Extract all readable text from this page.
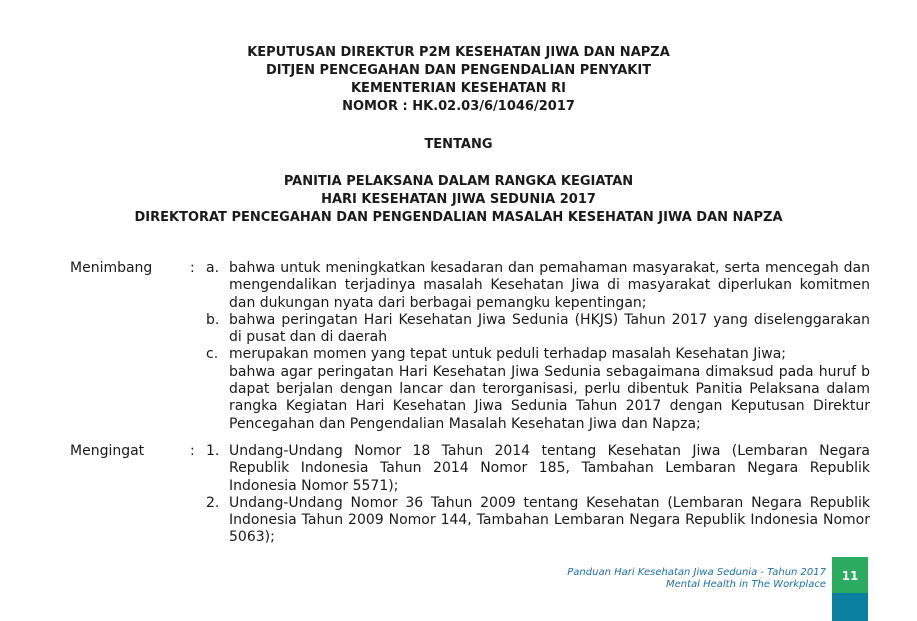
KEPUTUSAN DIREKTUR P2M KESEHATAN JIWA DAN NAPZA
DITJEN PENCEGAHAN DAN PENGENDALIAN PENYAKIT
KEMENTERIAN KESEHATAN RI
NOMOR : HK.02.03/6/1046/2017
TENTANG
PANITIA PELAKSANA DALAM RANGKA KEGIATAN
HARI KESEHATAN JIWA SEDUNIA 2017
DIREKTORAT PENCEGAHAN DAN PENGENDALIAN MASALAH KESEHATAN JIWA DAN NAPZA
Menimbang	: a. bahwa untuk meningkatkan kesadaran dan pemahaman masyarakat, serta mencegah dan mengendalikan terjadinya masalah Kesehatan Jiwa di masyarakat diperlukan komitmen dan dukungan nyata dari berbagai pemangku kepentingan;
b. bahwa peringatan Hari Kesehatan Jiwa Sedunia (HKJS) Tahun 2017 yang diselenggarakan di pusat dan di daerah
c. merupakan momen yang tepat untuk peduli terhadap masalah Kesehatan Jiwa;
bahwa agar peringatan Hari Kesehatan Jiwa Sedunia sebagaimana dimaksud pada huruf b dapat berjalan dengan lancar dan terorganisasi, perlu dibentuk Panitia Pelaksana dalam rangka Kegiatan Hari Kesehatan Jiwa Sedunia Tahun 2017 dengan Keputusan Direktur Pencegahan dan Pengendalian Masalah Kesehatan Jiwa dan Napza;
Mengingat	: 1. Undang-Undang Nomor 18 Tahun 2014 tentang Kesehatan Jiwa (Lembaran Negara Republik Indonesia Tahun 2014 Nomor 185, Tambahan Lembaran Negara Republik Indonesia Nomor 5571);
2. Undang-Undang Nomor 36 Tahun 2009 tentang Kesehatan (Lembaran Negara Republik Indonesia Tahun 2009 Nomor 144, Tambahan Lembaran Negara Republik Indonesia Nomor 5063);
Panduan Hari Kesehatan Jiwa Sedunia - Tahun 2017
Mental Health in The Workplace
11
